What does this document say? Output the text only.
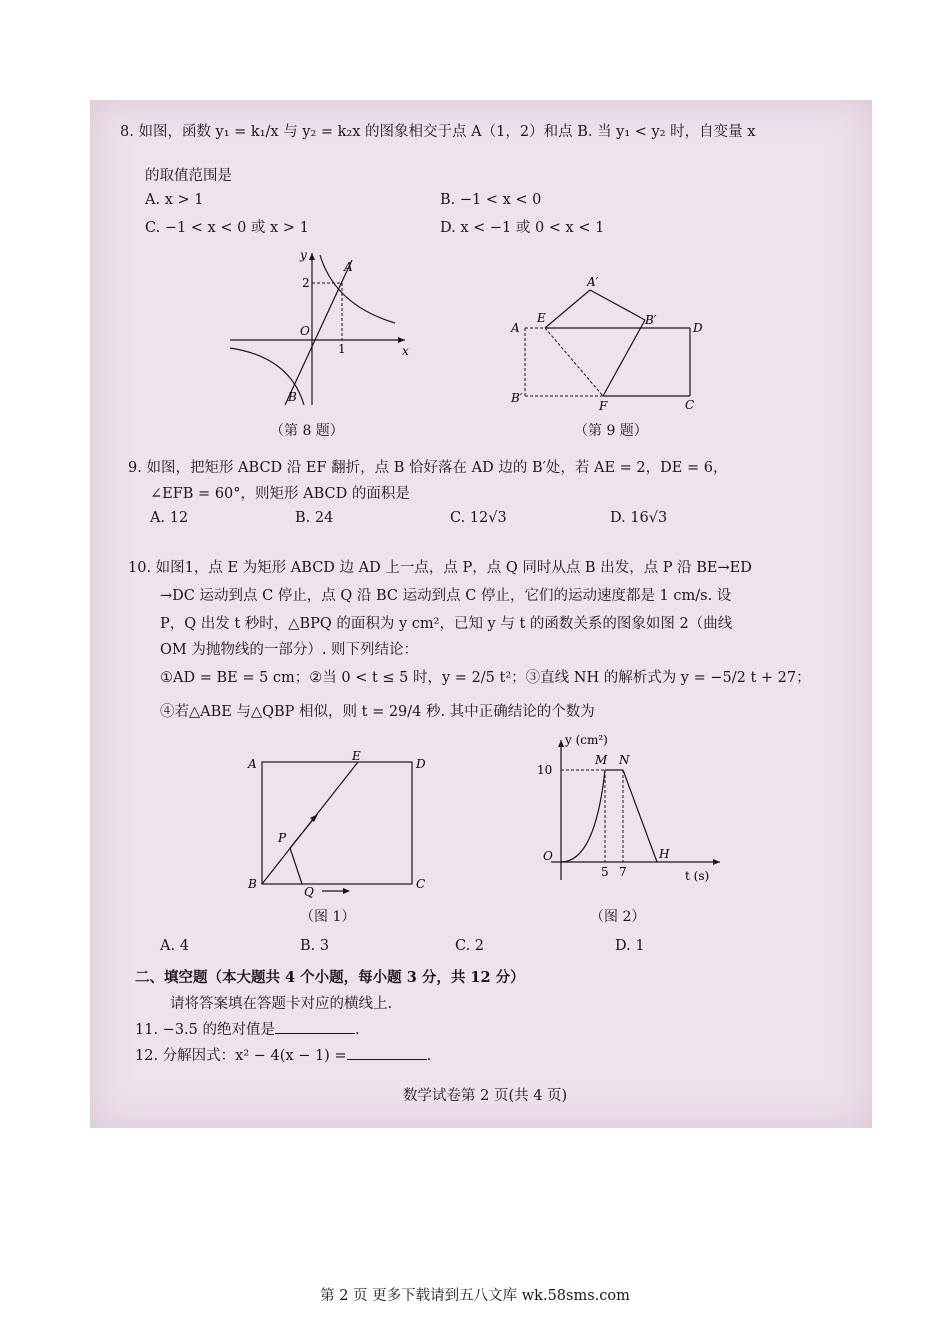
8. 如图，函数 y₁ = k₁/x 与 y₂ = k₂x 的图象相交于点 A（1，2）和点 B. 当 y₁ < y₂ 时，自变量 x
的取值范围是
A. x > 1	B. −1 < x < 0
C. −1 < x < 0 或 x > 1	D. x < −1 或 0 < x < 1
y
x
O
2
1
A
B
（第 8 题）
A
E	B′
D
A′
B′
F	C
（第 9 题）
9. 如图，把矩形 ABCD 沿 EF 翻折，点 B 恰好落在 AD 边的 B′处，若 AE = 2，DE = 6，
∠EFB = 60°，则矩形 ABCD 的面积是
A. 12	B. 24	C. 12√3	D. 16√3
10. 如图1，点 E 为矩形 ABCD 边 AD 上一点，点 P，点 Q 同时从点 B 出发，点 P 沿 BE→ED
→DC 运动到点 C 停止，点 Q 沿 BC 运动到点 C 停止，它们的运动速度都是 1 cm/s. 设
P，Q 出发 t 秒时，△BPQ 的面积为 y cm²，已知 y 与 t 的函数关系的图象如图 2（曲线
OM 为抛物线的一部分）. 则下列结论：
①AD = BE = 5 cm；②当 0 < t ≤ 5 时，y = 2/5 t²；③直线 NH 的解析式为 y = −5/2 t + 27；
④若△ABE 与△QBP 相似，则 t = 29/4 秒. 其中正确结论的个数为
A
E
D
P
B
Q
C
（图 1）
y (cm²)
10
M N
O
5 7
H
t (s)
（图 2）
A. 4	B. 3	C. 2	D. 1
二、填空题（本大题共 4 个小题，每小题 3 分，共 12 分）
请将答案填在答题卡对应的横线上.
11. −3.5 的绝对值是	.
12. 分解因式：x² − 4(x − 1) =	.
数学试卷第 2 页(共 4 页)
第 2 页 更多下载请到五八文库 wk.58sms.com
